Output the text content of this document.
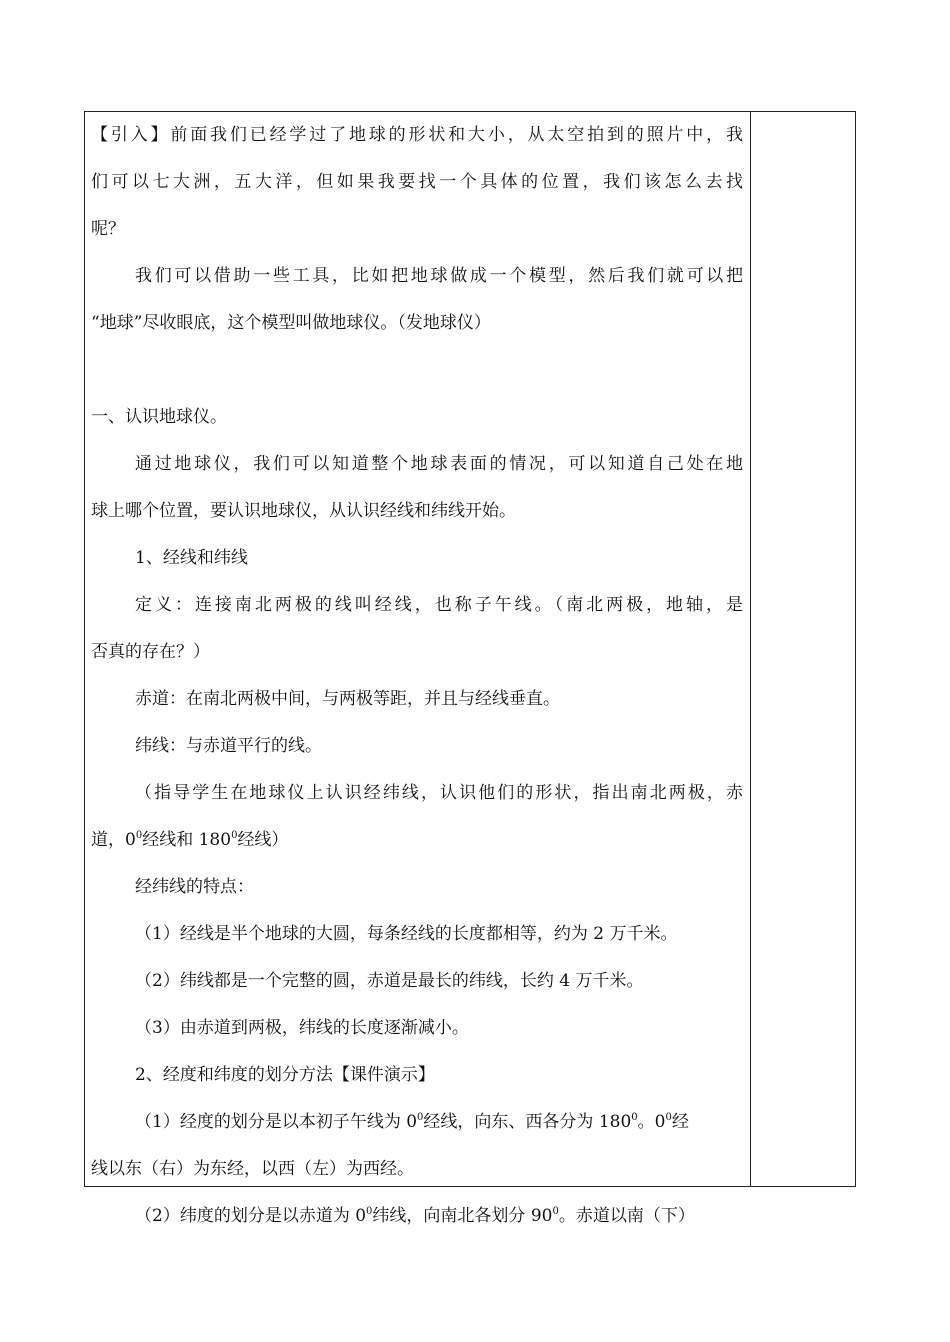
【引入】前面我们已经学过了地球的形状和大小，从太空拍到的照片中，我

们可以七大洲，五大洋，但如果我要找一个具体的位置，我们该怎么去找

呢？

我们可以借助一些工具，比如把地球做成一个模型，然后我们就可以把

“地球”尽收眼底，这个模型叫做地球仪。（发地球仪）

一、认识地球仪。

通过地球仪，我们可以知道整个地球表面的情况，可以知道自己处在地

球上哪个位置，要认识地球仪，从认识经线和纬线开始。

1、经线和纬线

定义：连接南北两极的线叫经线，也称子午线。（南北两极，地轴，是

否真的存在？）

赤道：在南北两极中间，与两极等距，并且与经线垂直。

纬线：与赤道平行的线。

（指导学生在地球仪上认识经纬线，认识他们的形状，指出南北两极，赤

道，$0^0$经线和 $180^0$经线）

经纬线的特点：

（1）经线是半个地球的大圆，每条经线的长度都相等，约为 2 万千米。

（2）纬线都是一个完整的圆，赤道是最长的纬线，长约 4 万千米。

（3）由赤道到两极，纬线的长度逐渐减小。

2、经度和纬度的划分方法【课件演示】

（1）经度的划分是以本初子午线为 $0^0$经线，向东、西各分为 $180^0$。$0^0$经

线以东（右）为东经，以西（左）为西经。

（2）纬度的划分是以赤道为 $0^0$纬线，向南北各划分 $90^0$。赤道以南（下）
